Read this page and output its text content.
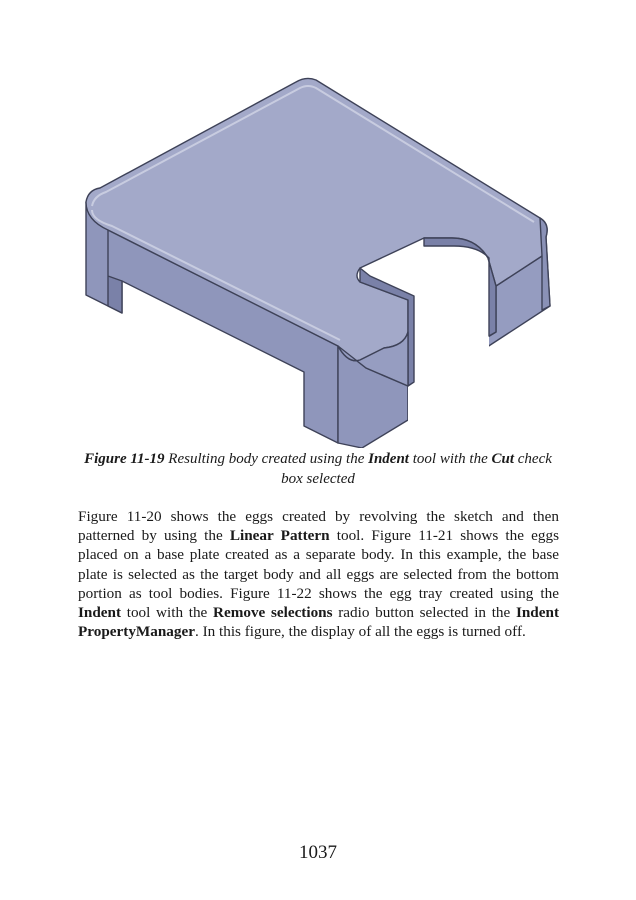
Figure 11-19 Resulting body created using the Indent tool with the Cut check box selected
Figure 11-20 shows the eggs created by revolving the sketch and then patterned by using the Linear Pattern tool. Figure 11-21 shows the eggs placed on a base plate created as a separate body. In this example, the base plate is selected as the target body and all eggs are selected from the bottom portion as tool bodies. Figure 11-22 shows the egg tray created using the Indent tool with the Remove selections radio button selected in the Indent PropertyManager. In this figure, the display of all the eggs is turned off.
1037
